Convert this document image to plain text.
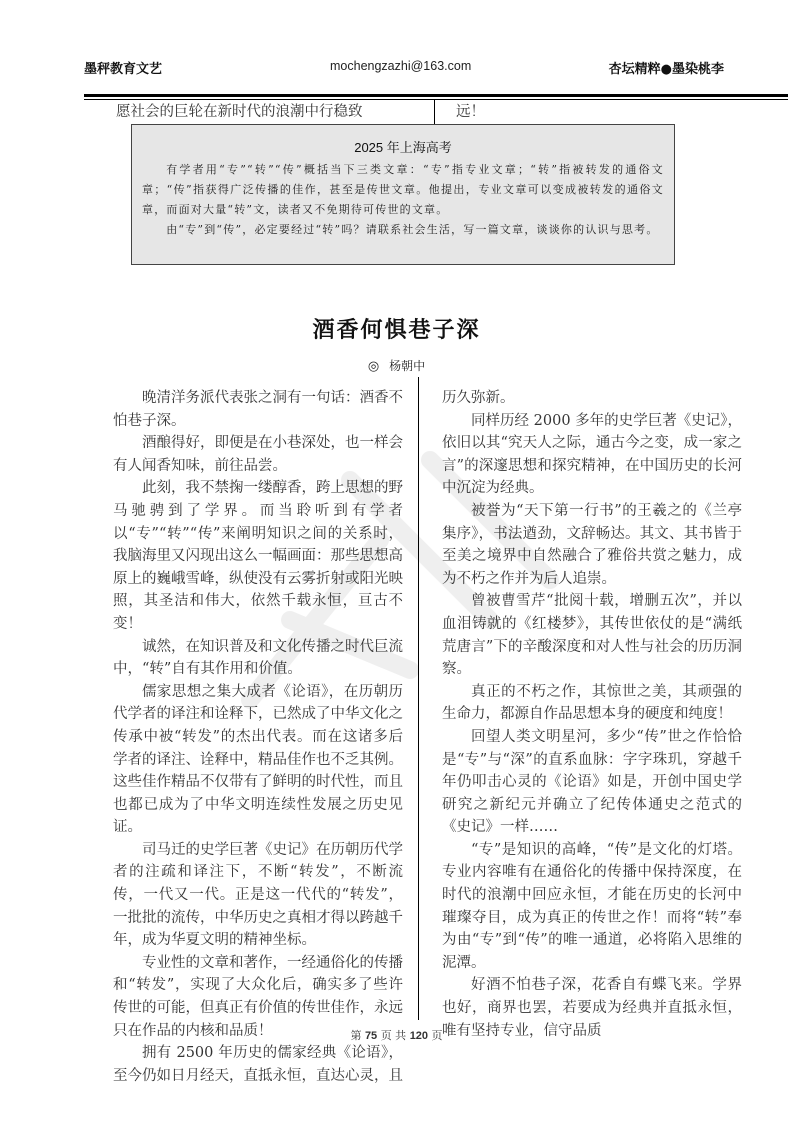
墨秤教育文艺	mochengzazhi@163.com	杏坛精粹●墨染桃李
愿社会的巨轮在新时代的浪潮中行稳致	远！
2025 年上海高考

有学者用“专”“转”“传”概括当下三类文章：“专”指专业文章；“转”指被转发的通俗文章；“传”指获得广泛传播的佳作，甚至是传世文章。他提出，专业文章可以变成被转发的通俗文章，而面对大量“转”文，读者又不免期待可传世的文章。

由“专”到“传”，必定要经过“转”吗？请联系社会生活，写一篇文章，谈谈你的认识与思考。

酒香何惧巷子深
◎ 杨朝中

晚清洋务派代表张之洞有一句话：酒香不怕巷子深。

酒酿得好，即便是在小巷深处，也一样会有人闻香知味，前往品尝。

此刻，我不禁掬一缕醇香，跨上思想的野马驰骋到了学界。而当聆听到有学者以“专”“转”“传”来阐明知识之间的关系时，我脑海里又闪现出这么一幅画面：那些思想高原上的巍峨雪峰，纵使没有云雾折射或阳光映照，其圣洁和伟大，依然千载永恒，亘古不变！

诚然，在知识普及和文化传播之时代巨流中，“转”自有其作用和价值。

儒家思想之集大成者《论语》，在历朝历代学者的译注和诠释下，已然成了中华文化之传承中被“转发”的杰出代表。而在这诸多后学者的译注、诠释中，精品佳作也不乏其例。这些佳作精品不仅带有了鲜明的时代性，而且也都已成为了中华文明连续性发展之历史见证。

司马迁的史学巨著《史记》在历朝历代学者的注疏和译注下，不断“转发”，不断流传，一代又一代。正是这一代代的“转发”，一批批的流传，中华历史之真相才得以跨越千年，成为华夏文明的精神坐标。

专业性的文章和著作，一经通俗化的传播和“转发”，实现了大众化后，确实多了些许传世的可能，但真正有价值的传世佳作，永远只在作品的内核和品质！

拥有 2500 年历史的儒家经典《论语》，至今仍如日月经天，直抵永恒，直达心灵，且

历久弥新。

同样历经 2000 多年的史学巨著《史记》，依旧以其“究天人之际，通古今之变，成一家之言”的深邃思想和探究精神，在中国历史的长河中沉淀为经典。

被誉为“天下第一行书”的王羲之的《兰亭集序》，书法遒劲，文辞畅达。其文、其书皆于至美之境界中自然融合了雅俗共赏之魅力，成为不朽之作并为后人追崇。

曾被曹雪芹“批阅十载，增删五次”，并以血泪铸就的《红楼梦》，其传世依仗的是“满纸荒唐言”下的辛酸深度和对人性与社会的历历洞察。

真正的不朽之作，其惊世之美，其顽强的生命力，都源自作品思想本身的硬度和纯度！

回望人类文明星河，多少“传”世之作恰恰是“专”与“深”的直系血脉：字字珠玑，穿越千年仍叩击心灵的《论语》如是，开创中国史学研究之新纪元并确立了纪传体通史之范式的《史记》一样……

“专”是知识的高峰，“传”是文化的灯塔。专业内容唯有在通俗化的传播中保持深度，在时代的浪潮中回应永恒，才能在历史的长河中璀璨夺目，成为真正的传世之作！而将“转”奉为由“专”到“传”的唯一通道，必将陷入思维的泥潭。

好酒不怕巷子深，花香自有蝶飞来。学界也好，商界也罢，若要成为经典并直抵永恒，唯有坚持专业，信守品质

第 75 页 共 120 页
